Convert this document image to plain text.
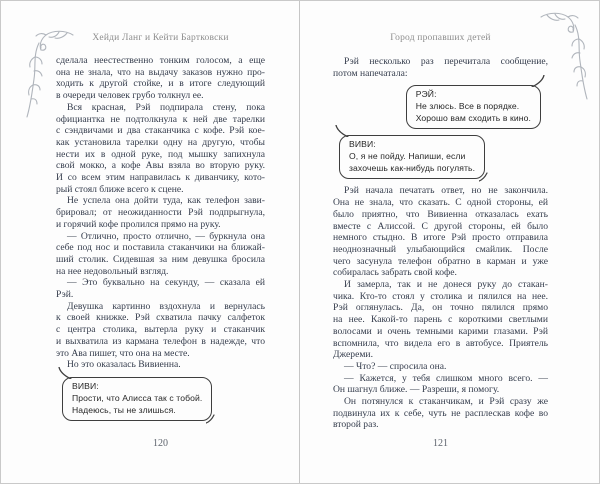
Хейди Ланг и Кейти Бартковски
сделала неестественно тонким голосом, а еще
она не знала, что на выдачу заказов нужно про-
ходить к другой стойке, и в итоге следующий
в очереди человек грубо толкнул ее.
Вся красная, Рэй подпирала стену, пока
официантка не подтолкнула к ней две тарелки
с сэндвичами и два стаканчика с кофе. Рэй кое-
как установила тарелки одну на другую, чтобы
нести их в одной руке, под мышку запихнула
свой мокко, а кофе Авы взяла во вторую руку.
И со всем этим направилась к диванчику, кото-
рый стоял ближе всего к сцене.
Не успела она дойти туда, как телефон зави-
брировал; от неожиданности Рэй подпрыгнула,
и горячий кофе пролился прямо на руку.
— Отлично, просто отлично, — буркнула она
себе под нос и поставила стаканчики на ближай-
ший столик. Сидевшая за ним девушка бросила
на нее недовольный взгляд.
— Это буквально на секунду, — сказала ей
Рэй.
Девушка картинно вздохнула и вернулась
к своей книжке. Рэй схватила пачку салфеток
с центра столика, вытерла руку и стаканчик
и выхватила из кармана телефон в надежде, что
это Ава пишет, что она на месте.
Но это оказалась Вивиенна.
ВИВИ:
Прости, что Алисса так с тобой.
Надеюсь, ты не злишься.
120
Город пропавших детей
Рэй несколько раз перечитала сообщение,
потом напечатала:
РЭЙ:
Не злюсь. Все в порядке.
Хорошо вам сходить в кино.
ВИВИ:
О, я не пойду. Напиши, если
захочешь как-нибудь погулять.
Рэй начала печатать ответ, но не закончила.
Она не знала, что сказать. С одной стороны, ей
было приятно, что Вивиенна отказалась ехать
вместе с Алиссой. С другой стороны, ей было
немного стыдно. В итоге Рэй просто отправила
неоднозначный улыбающийся смайлик. После
чего засунула телефон обратно в карман и уже
собиралась забрать свой кофе.
И замерла, так и не донеся руку до стакан-
чика. Кто-то стоял у столика и пялился на нее.
Рэй оглянулась. Да, он точно пялился прямо
на нее. Какой-то парень с короткими светлыми
волосами и очень темными карими глазами. Рэй
вспомнила, что видела его в автобусе. Приятель
Джереми.
— Что? — спросила она.
— Кажется, у тебя слишком много всего. —
Он шагнул ближе. — Разреши, я помогу.
Он потянулся к стаканчикам, и Рэй сразу же
подвинула их к себе, чуть не расплескав кофе во
второй раз.
121
